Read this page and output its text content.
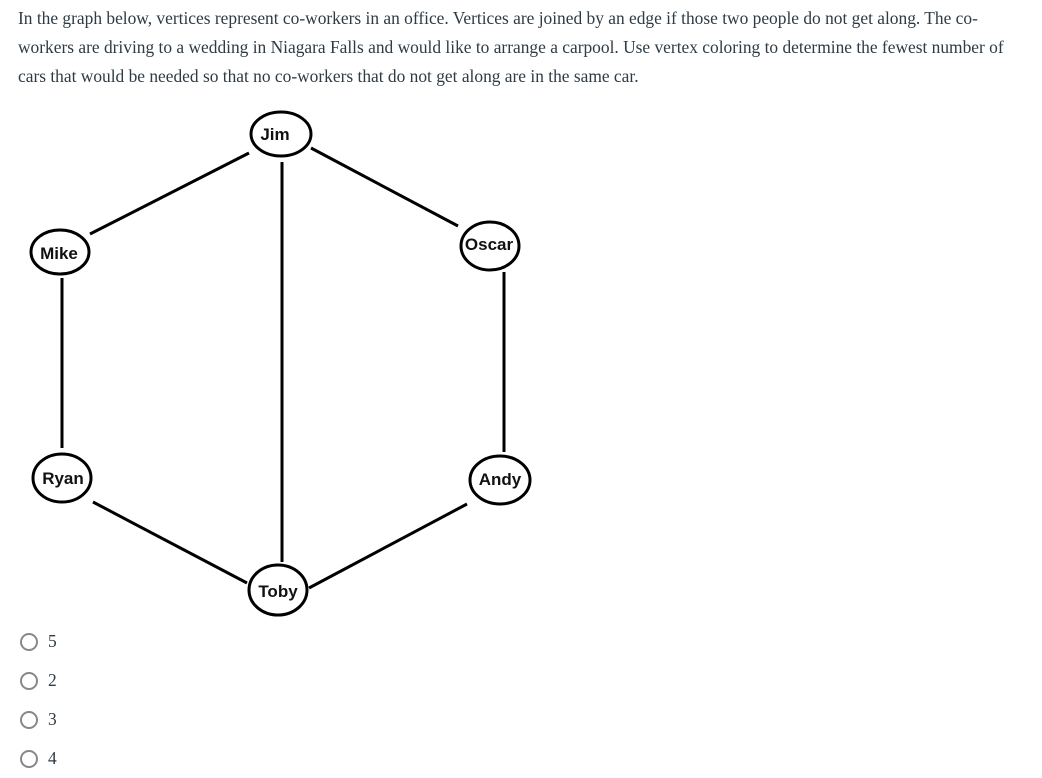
In the graph below, vertices represent co-workers in an office. Vertices are joined by an edge if those two people do not get along. The co-workers are driving to a wedding in Niagara Falls and would like to arrange a carpool. Use vertex coloring to determine the fewest number of cars that would be needed so that no co-workers that do not get along are in the same car.
Jim
Mike	Oscar
Ryan	Andy
Toby
5
2
3
4
